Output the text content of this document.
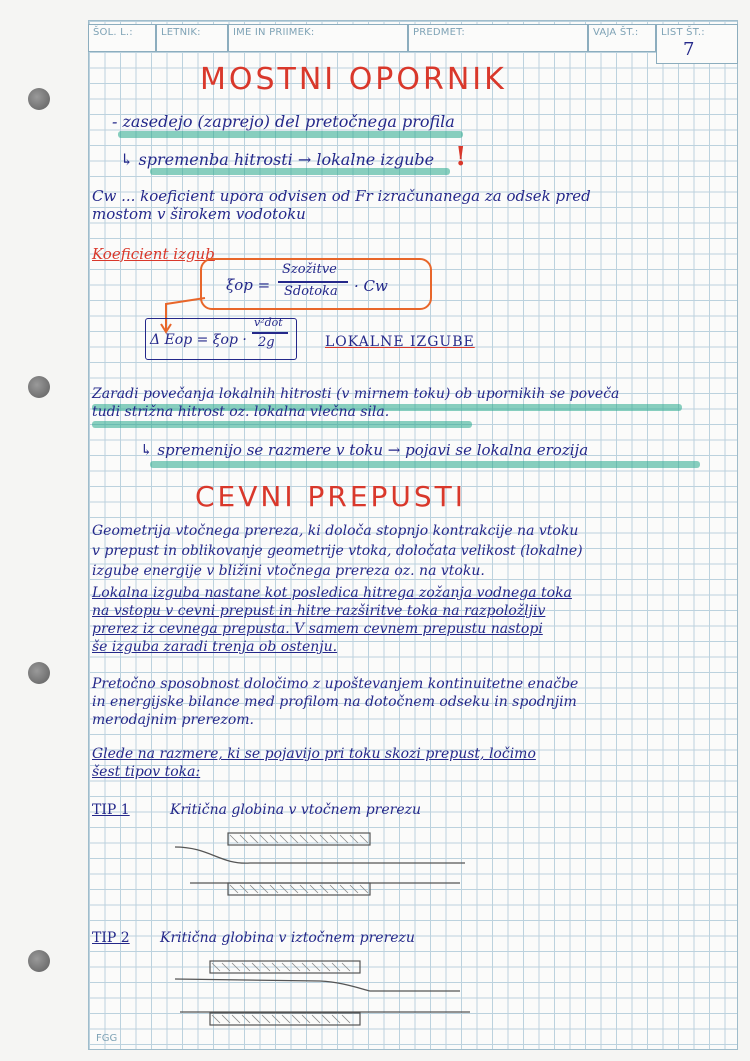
ŠOL. L.:	LETNIK:	IME IN PRIIMEK:	PREDMET:	VAJA ŠT.:	LIST ŠT.:
7
MOSTNI OPORNIK
- zasedejo (zaprejo) del pretočnega profila
↳ spremenba hitrosti → lokalne izgube !
Cw ... koeficient upora odvisen od Fr izračunanega za odsek pred
mostom v širokem vodotoku
Koeficient izgub
ξop =
Szožitve
Sdotoka · Cw
Δ Eop = ξop ·
v²dot
2g	LOKALNE IZGUBE
Zaradi povečanja lokalnih hitrosti (v mirnem toku) ob upornikih se poveča
tudi strižna hitrost oz. lokalna vlečna sila.
↳ spremenijo se razmere v toku → pojavi se lokalna erozija
CEVNI PREPUSTI
Geometrija vtočnega prereza, ki določa stopnjo kontrakcije na vtoku
v prepust in oblikovanje geometrije vtoka, določata velikost (lokalne)
izgube energije v bližini vtočnega prereza oz. na vtoku.
Lokalna izguba nastane kot posledica hitrega zožanja vodnega toka
na vstopu v cevni prepust in hitre razširitve toka na razpoložljiv
prerez iz cevnega prepusta. V samem cevnem prepustu nastopi
še izguba zaradi trenja ob ostenju.
Pretočno sposobnost določimo z upoštevanjem kontinuitetne enačbe
in energijske bilance med profilom na dotočnem odseku in spodnjim
merodajnim prerezom.
Glede na razmere, ki se pojavijo pri toku skozi prepust, ločimo
šest tipov toka:
TIP 1	Kritična globina v vtočnem prerezu
TIP 2 Kritična globina v iztočnem prerezu
FGG
